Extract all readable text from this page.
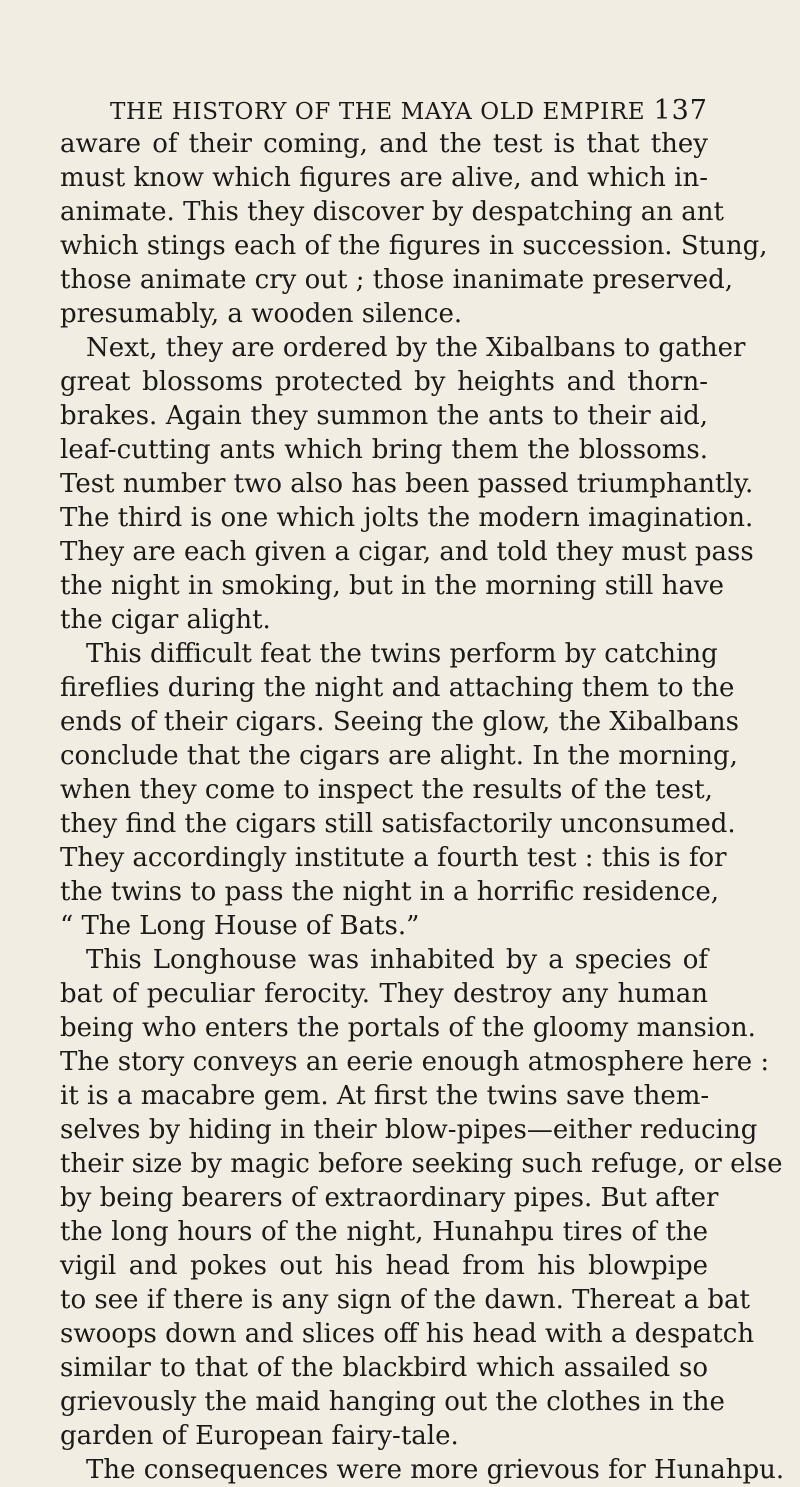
THE HISTORY OF THE MAYA OLD EMPIRE 137
aware of their coming, and the test is that they
must know which figures are alive, and which in-
animate. This they discover by despatching an ant
which stings each of the figures in succession. Stung,
those animate cry out ; those inanimate preserved,
presumably, a wooden silence.
Next, they are ordered by the Xibalbans to gather
great blossoms protected by heights and thorn-
brakes. Again they summon the ants to their aid,
leaf-cutting ants which bring them the blossoms.
Test number two also has been passed triumphantly.
The third is one which jolts the modern imagination.
They are each given a cigar, and told they must pass
the night in smoking, but in the morning still have
the cigar alight.
This difficult feat the twins perform by catching
fireflies during the night and attaching them to the
ends of their cigars. Seeing the glow, the Xibalbans
conclude that the cigars are alight. In the morning,
when they come to inspect the results of the test,
they find the cigars still satisfactorily unconsumed.
They accordingly institute a fourth test : this is for
the twins to pass the night in a horrific residence,
“ The Long House of Bats.”
This Longhouse was inhabited by a species of
bat of peculiar ferocity. They destroy any human
being who enters the portals of the gloomy mansion.
The story conveys an eerie enough atmosphere here :
it is a macabre gem. At first the twins save them-
selves by hiding in their blow-pipes—either reducing
their size by magic before seeking such refuge, or else
by being bearers of extraordinary pipes. But after
the long hours of the night, Hunahpu tires of the
vigil and pokes out his head from his blowpipe
to see if there is any sign of the dawn. Thereat a bat
swoops down and slices off his head with a despatch
similar to that of the blackbird which assailed so
grievously the maid hanging out the clothes in the
garden of European fairy-tale.
The consequences were more grievous for Hunahpu.
